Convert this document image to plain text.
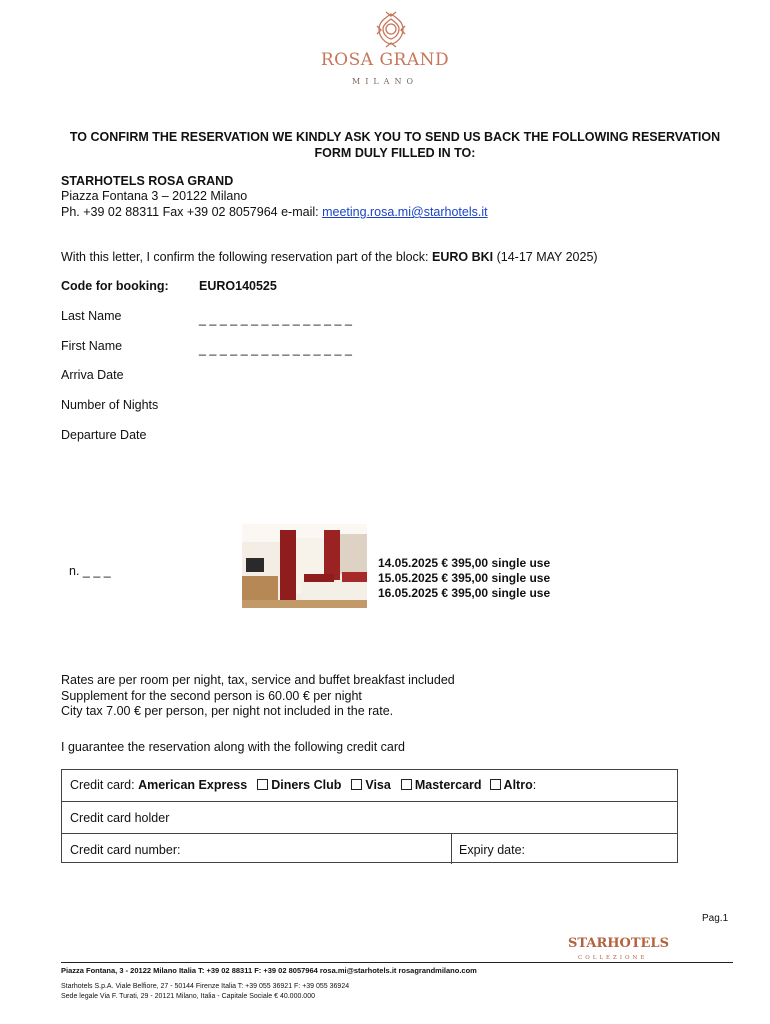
ROSA GRAND
MILANO
TO CONFIRM THE RESERVATION WE KINDLY ASK YOU TO SEND US BACK THE FOLLOWING RESERVATION
FORM DULY FILLED IN TO:
STARHOTELS ROSA GRAND
Piazza Fontana 3 – 20122 Milano
Ph. +39 02 88311 Fax +39 02 8057964 e-mail: meeting.rosa.mi@starhotels.it
With this letter, I confirm the following reservation part of the block: EURO BKI (14-17 MAY 2025)
Code for booking: EURO140525
Last Name	_ _ _ _ _ _ _ _ _ _ _ _ _ _ _
First Name	_ _ _ _ _ _ _ _ _ _ _ _ _ _ _
Arriva Date
Number of Nights
Departure Date
n. _ _ _
14.05.2025 € 395,00 single use
15.05.2025 € 395,00 single use
16.05.2025 € 395,00 single use
Rates are per room per night, tax, service and buffet breakfast included
Supplement for the second person is 60.00 € per night
City tax 7.00 € per person, per night not included in the rate.
I guarantee the reservation along with the following credit card
Credit card: American Express Diners Club Visa Mastercard Altro:
Credit card holder
Credit card number:	Expiry date:
Pag.1
STARHOTELS
COLLEZIONE
Piazza Fontana, 3 - 20122 Milano Italia T: +39 02 88311 F: +39 02 8057964 rosa.mi@starhotels.it rosagrandmilano.com
Starhotels S.p.A. Viale Belfiore, 27 - 50144 Firenze Italia T: +39 055 36921 F: +39 055 36924
Sede legale Via F. Turati, 29 - 20121 Milano, Italia - Capitale Sociale € 40.000.000
